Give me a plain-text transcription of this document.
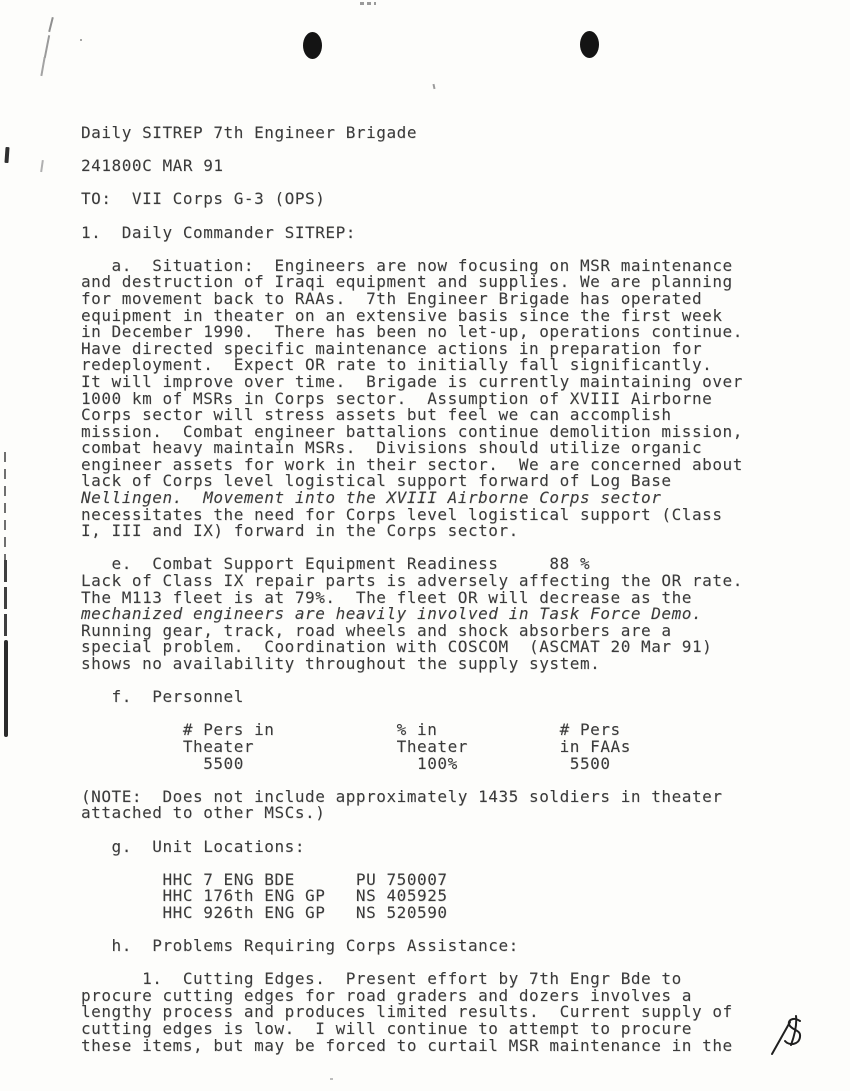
Daily SITREP 7th Engineer Brigade

241800C MAR 91

TO:  VII Corps G-3 (OPS)

1.  Daily Commander SITREP:

a.  Situation:  Engineers are now focusing on MSR maintenance
and destruction of Iraqi equipment and supplies. We are planning
for movement back to RAAs.  7th Engineer Brigade has operated
equipment in theater on an extensive basis since the first week
in December 1990.  There has been no let-up, operations continue.
Have directed specific maintenance actions in preparation for
redeployment.  Expect OR rate to initially fall significantly.
It will improve over time.  Brigade is currently maintaining over
1000 km of MSRs in Corps sector.  Assumption of XVIII Airborne
Corps sector will stress assets but feel we can accomplish
mission.  Combat engineer battalions continue demolition mission,
combat heavy maintain MSRs.  Divisions should utilize organic
engineer assets for work in their sector.  We are concerned about
lack of Corps level logistical support forward of Log Base
Nellingen.  Movement into the XVIII Airborne Corps sector
necessitates the need for Corps level logistical support (Class
I, III and IX) forward in the Corps sector.

e.  Combat Support Equipment Readiness     88 %
Lack of Class IX repair parts is adversely affecting the OR rate.
The M113 fleet is at 79%.  The fleet OR will decrease as the
mechanized engineers are heavily involved in Task Force Demo.
Running gear, track, road wheels and shock absorbers are a
special problem.  Coordination with COSCOM  (ASCMAT 20 Mar 91)
shows no availability throughout the supply system.

f.  Personnel

# Pers in            % in            # Pers
Theater              Theater         in FAAs
5500                 100%           5500

(NOTE:  Does not include approximately 1435 soldiers in theater
attached to other MSCs.)

g.  Unit Locations:

HHC 7 ENG BDE      PU 750007
HHC 176th ENG GP   NS 405925
HHC 926th ENG GP   NS 520590

h.  Problems Requiring Corps Assistance:

1.  Cutting Edges.  Present effort by 7th Engr Bde to
procure cutting edges for road graders and dozers involves a
lengthy process and produces limited results.  Current supply of
cutting edges is low.  I will continue to attempt to procure
these items, but may be forced to curtail MSR maintenance in the
